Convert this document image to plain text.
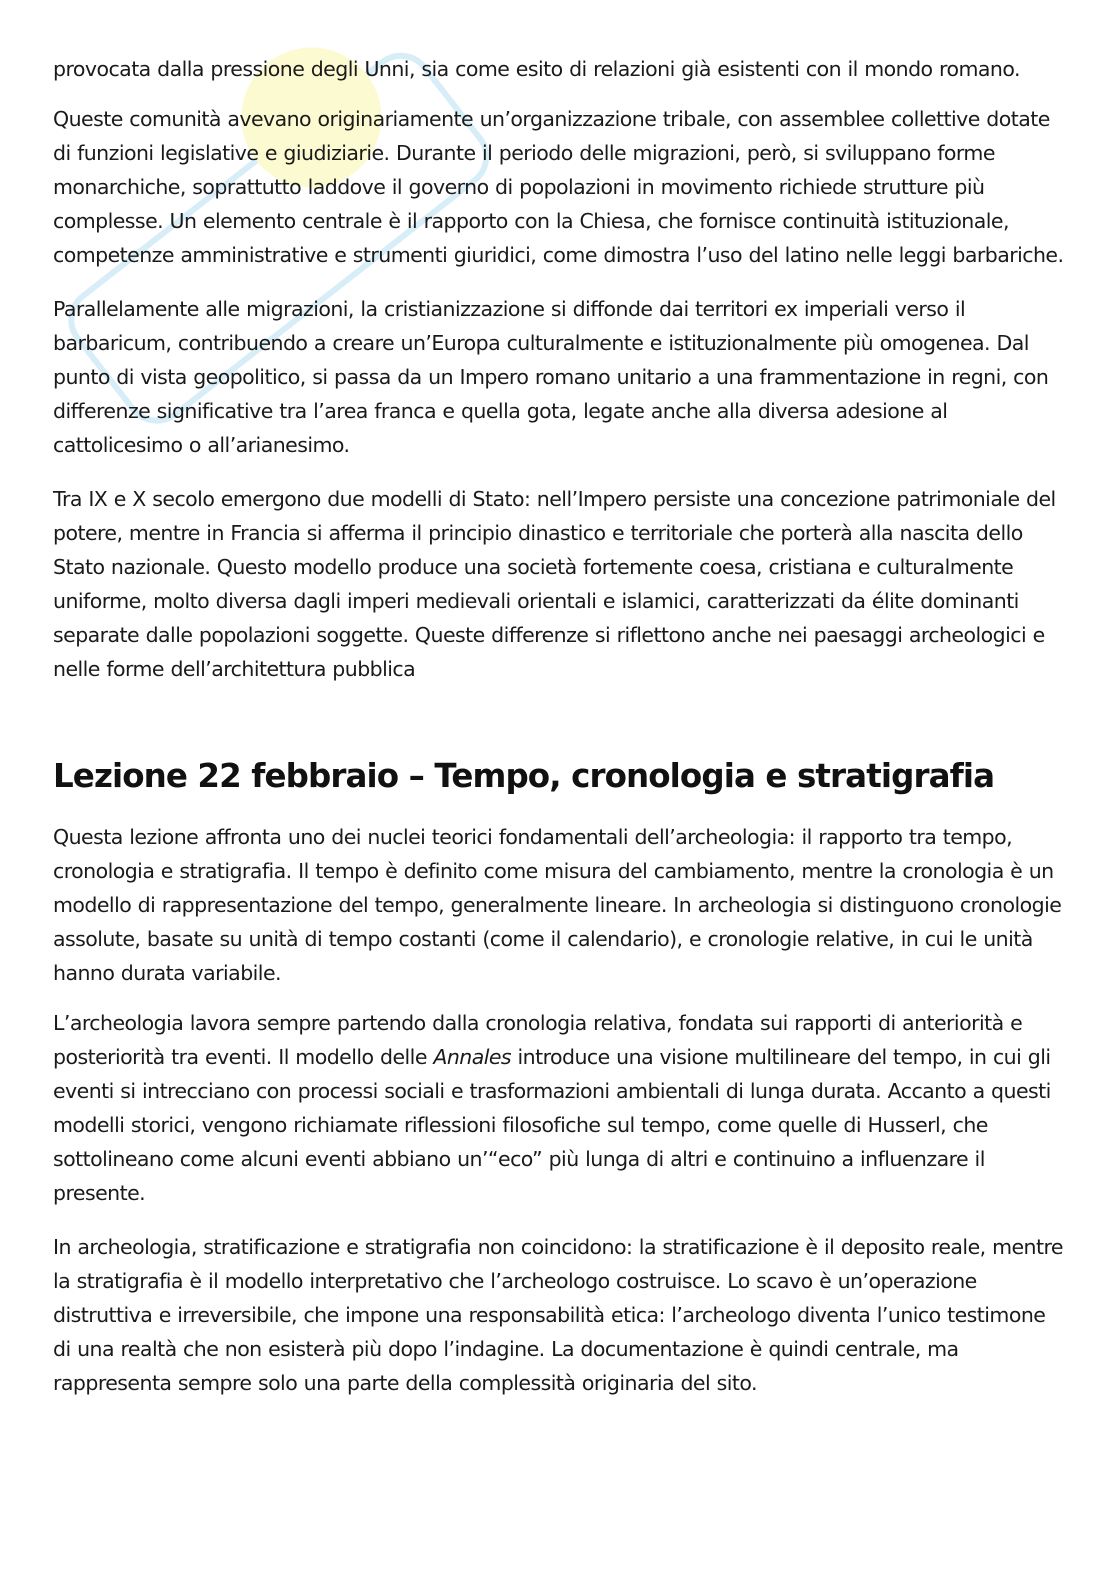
provocata dalla pressione degli Unni, sia come esito di relazioni già esistenti con il mondo romano.

Queste comunità avevano originariamente un’organizzazione tribale, con assemblee collettive dotate di funzioni legislative e giudiziarie. Durante il periodo delle migrazioni, però, si sviluppano forme monarchiche, soprattutto laddove il governo di popolazioni in movimento richiede strutture più complesse. Un elemento centrale è il rapporto con la Chiesa, che fornisce continuità istituzionale, competenze amministrative e strumenti giuridici, come dimostra l’uso del latino nelle leggi barbariche.

Parallelamente alle migrazioni, la cristianizzazione si diffonde dai territori ex imperiali verso il barbaricum, contribuendo a creare un’Europa culturalmente e istituzionalmente più omogenea. Dal punto di vista geopolitico, si passa da un Impero romano unitario a una frammentazione in regni, con differenze significative tra l’area franca e quella gota, legate anche alla diversa adesione al cattolicesimo o all’arianesimo.

Tra IX e X secolo emergono due modelli di Stato: nell’Impero persiste una concezione patrimoniale del potere, mentre in Francia si afferma il principio dinastico e territoriale che porterà alla nascita dello Stato nazionale. Questo modello produce una società fortemente coesa, cristiana e culturalmente uniforme, molto diversa dagli imperi medievali orientali e islamici, caratterizzati da élite dominanti separate dalle popolazioni soggette. Queste differenze si riflettono anche nei paesaggi archeologici e nelle forme dell’architettura pubblica

Lezione 22 febbraio – Tempo, cronologia e stratigrafia

Questa lezione affronta uno dei nuclei teorici fondamentali dell’archeologia: il rapporto tra tempo, cronologia e stratigrafia. Il tempo è definito come misura del cambiamento, mentre la cronologia è un modello di rappresentazione del tempo, generalmente lineare. In archeologia si distinguono cronologie assolute, basate su unità di tempo costanti (come il calendario), e cronologie relative, in cui le unità hanno durata variabile.

L’archeologia lavora sempre partendo dalla cronologia relativa, fondata sui rapporti di anteriorità e posteriorità tra eventi. Il modello delle Annales introduce una visione multilineare del tempo, in cui gli eventi si intrecciano con processi sociali e trasformazioni ambientali di lunga durata. Accanto a questi modelli storici, vengono richiamate riflessioni filosofiche sul tempo, come quelle di Husserl, che sottolineano come alcuni eventi abbiano un’“eco” più lunga di altri e continuino a influenzare il presente.

In archeologia, stratificazione e stratigrafia non coincidono: la stratificazione è il deposito reale, mentre la stratigrafia è il modello interpretativo che l’archeologo costruisce. Lo scavo è un’operazione distruttiva e irreversibile, che impone una responsabilità etica: l’archeologo diventa l’unico testimone di una realtà che non esisterà più dopo l’indagine. La documentazione è quindi centrale, ma rappresenta sempre solo una parte della complessità originaria del sito.
